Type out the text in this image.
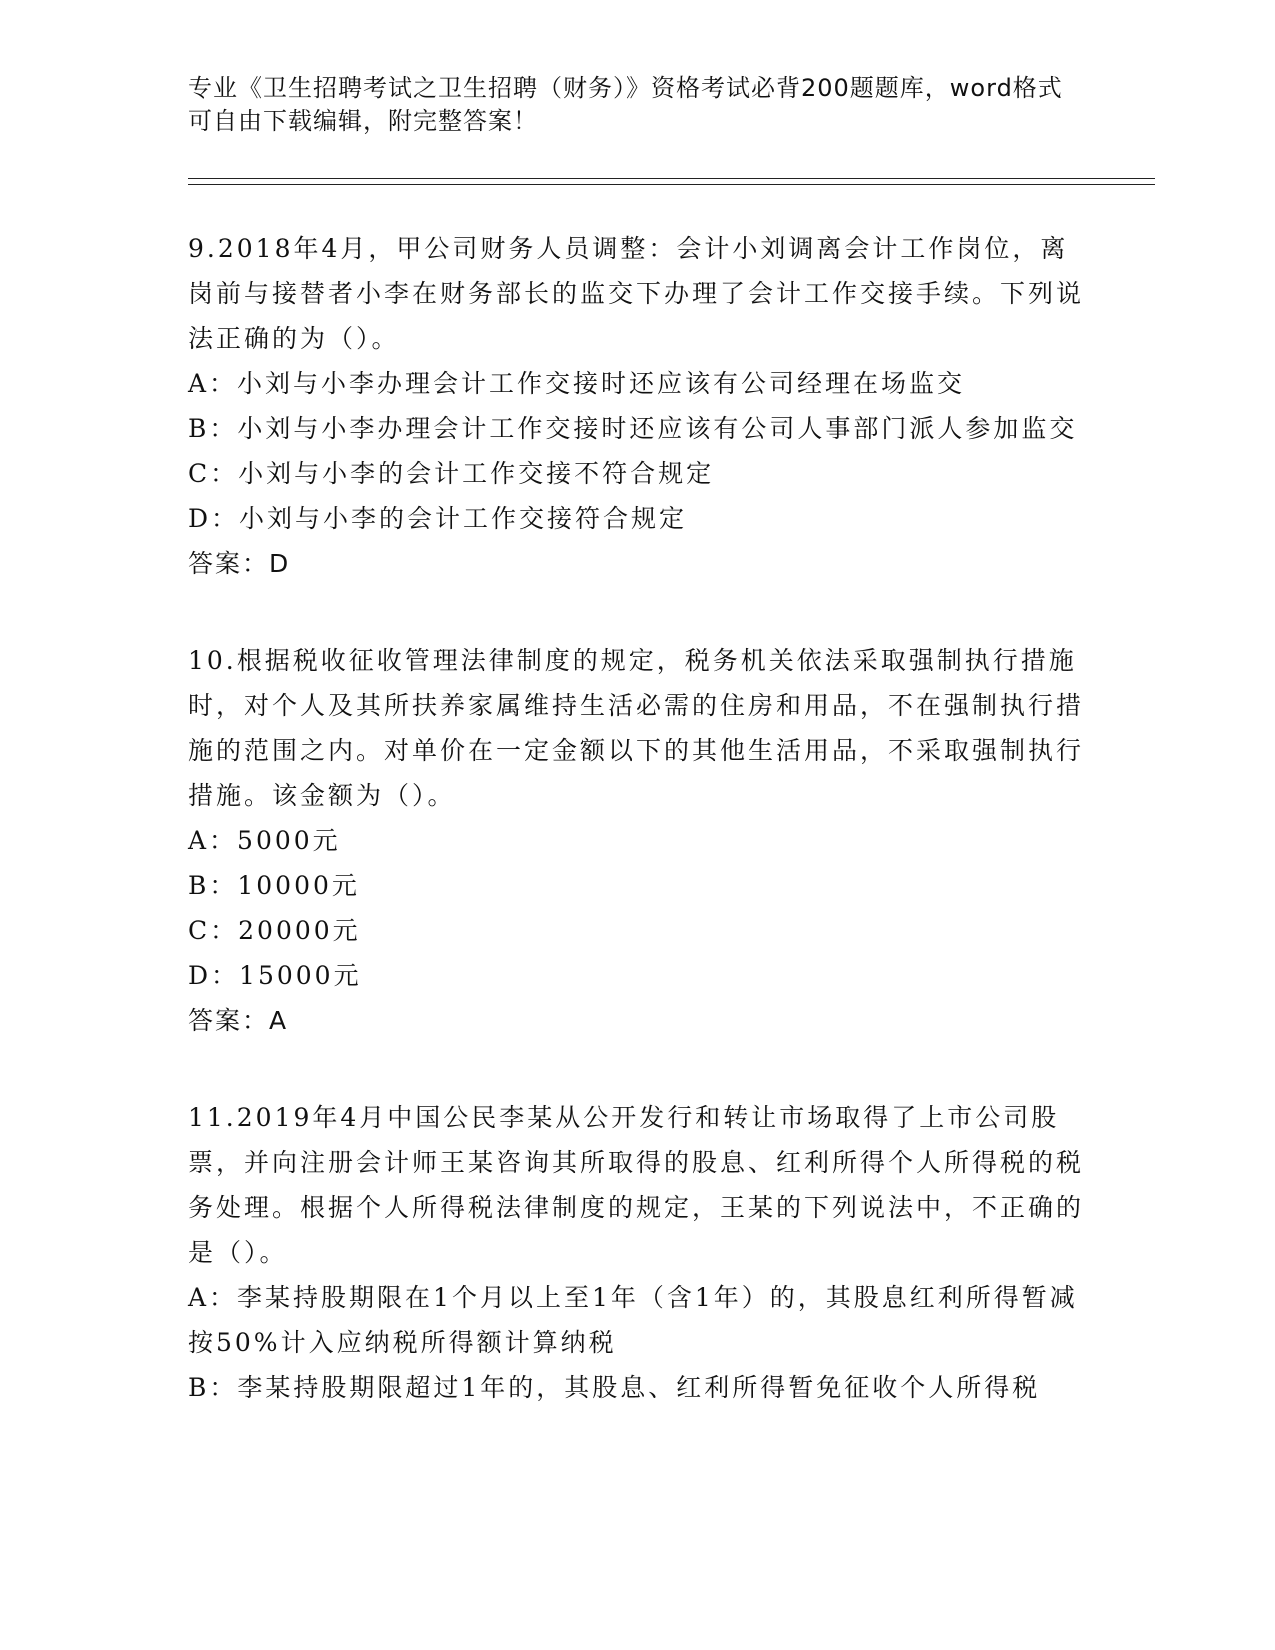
专业《卫生招聘考试之卫生招聘（财务）》资格考试必背200题题库，word格式
可自由下载编辑，附完整答案！

9.2018年4月，甲公司财务人员调整：会计小刘调离会计工作岗位，离岗前与接替者小李在财务部长的监交下办理了会计工作交接手续。下列说法正确的为（）。

A：小刘与小李办理会计工作交接时还应该有公司经理在场监交
B：小刘与小李办理会计工作交接时还应该有公司人事部门派人参加监交
C：小刘与小李的会计工作交接不符合规定
D：小刘与小李的会计工作交接符合规定

答案：D

10.根据税收征收管理法律制度的规定，税务机关依法采取强制执行措施时，对个人及其所扶养家属维持生活必需的住房和用品，不在强制执行措施的范围之内。对单价在一定金额以下的其他生活用品，不采取强制执行措施。该金额为（）。

A：5000元
B：10000元
C：20000元
D：15000元

答案：A

11.2019年4月中国公民李某从公开发行和转让市场取得了上市公司股票，并向注册会计师王某咨询其所取得的股息、红利所得个人所得税的税务处理。根据个人所得税法律制度的规定，王某的下列说法中，不正确的是（）。

A：李某持股期限在1个月以上至1年（含1年）的，其股息红利所得暂减按50%计入应纳税所得额计算纳税
B：李某持股期限超过1年的，其股息、红利所得暂免征收个人所得税
